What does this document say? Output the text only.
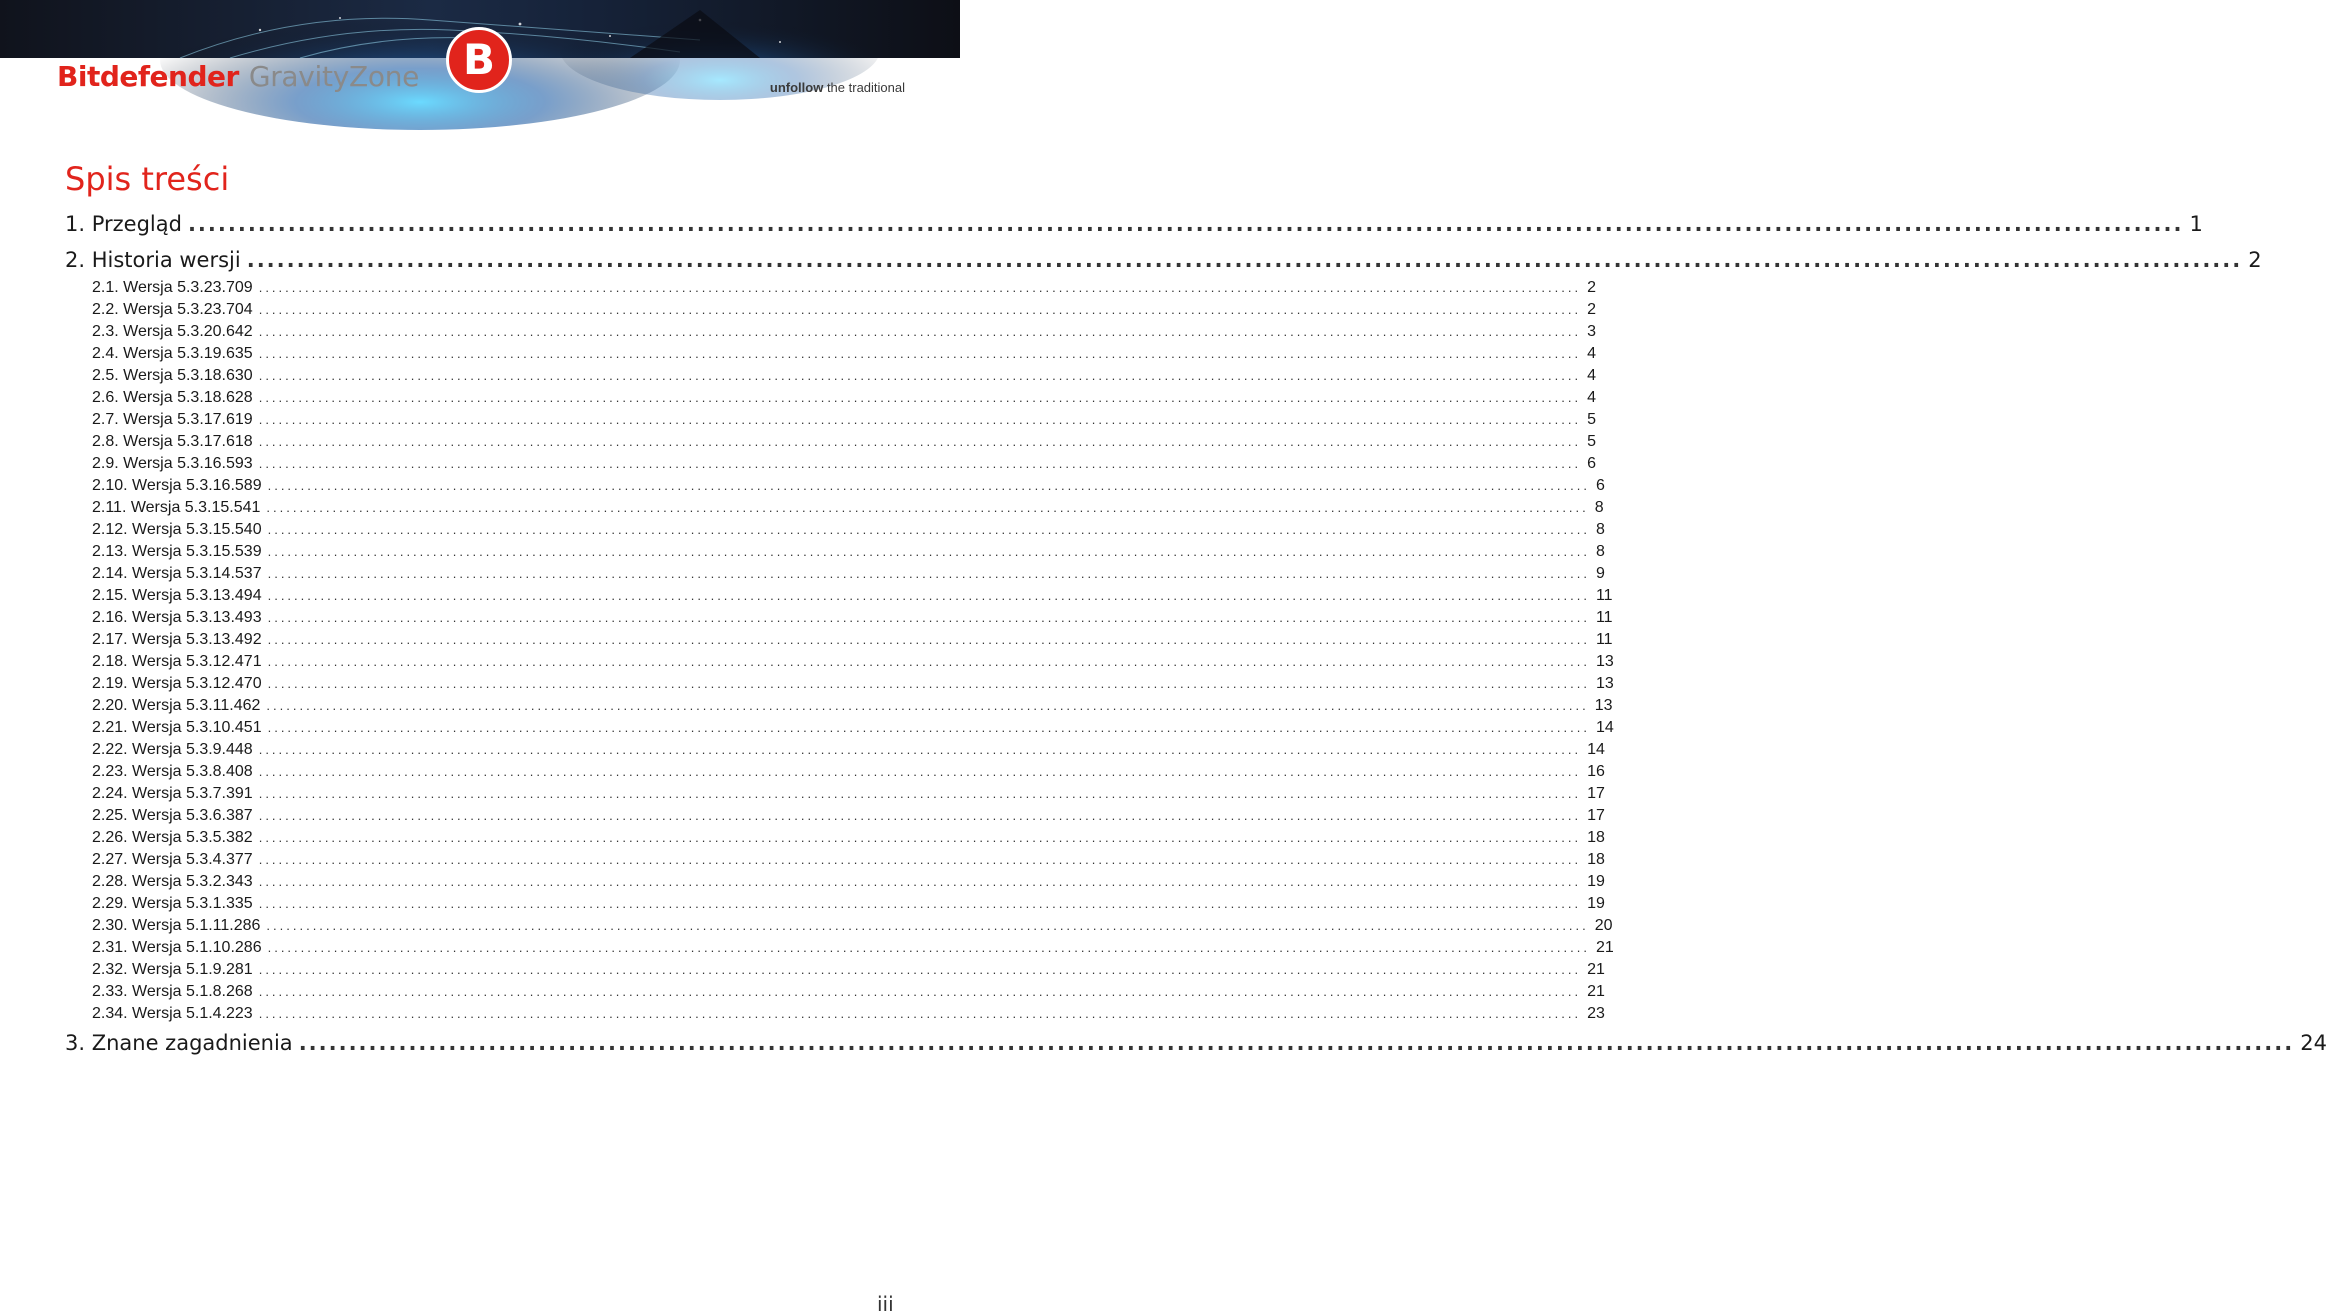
Bitdefender GravityZone	B
unfollow the traditional
Spis treści
1. Przegląd ........................................................................................................................................................................................................ 1
2. Historia wersji ........................................................................................................................................................................................................ 2
2.1. Wersja 5.3.23.709 ........................................................................................................................................................................................................ 2
2.2. Wersja 5.3.23.704 ........................................................................................................................................................................................................ 2
2.3. Wersja 5.3.20.642 ........................................................................................................................................................................................................ 3
2.4. Wersja 5.3.19.635 ........................................................................................................................................................................................................ 4
2.5. Wersja 5.3.18.630 ........................................................................................................................................................................................................ 4
2.6. Wersja 5.3.18.628 ........................................................................................................................................................................................................ 4
2.7. Wersja 5.3.17.619 ........................................................................................................................................................................................................ 5
2.8. Wersja 5.3.17.618 ........................................................................................................................................................................................................ 5
2.9. Wersja 5.3.16.593 ........................................................................................................................................................................................................ 6
2.10. Wersja 5.3.16.589 ........................................................................................................................................................................................................ 6
2.11. Wersja 5.3.15.541 ........................................................................................................................................................................................................ 8
2.12. Wersja 5.3.15.540 ........................................................................................................................................................................................................ 8
2.13. Wersja 5.3.15.539 ........................................................................................................................................................................................................ 8
2.14. Wersja 5.3.14.537 ........................................................................................................................................................................................................ 9
2.15. Wersja 5.3.13.494 ........................................................................................................................................................................................................ 11
2.16. Wersja 5.3.13.493 ........................................................................................................................................................................................................ 11
2.17. Wersja 5.3.13.492 ........................................................................................................................................................................................................ 11
2.18. Wersja 5.3.12.471 ........................................................................................................................................................................................................ 13
2.19. Wersja 5.3.12.470 ........................................................................................................................................................................................................ 13
2.20. Wersja 5.3.11.462 ........................................................................................................................................................................................................ 13
2.21. Wersja 5.3.10.451 ........................................................................................................................................................................................................ 14
2.22. Wersja 5.3.9.448 ........................................................................................................................................................................................................ 14
2.23. Wersja 5.3.8.408 ........................................................................................................................................................................................................ 16
2.24. Wersja 5.3.7.391 ........................................................................................................................................................................................................ 17
2.25. Wersja 5.3.6.387 ........................................................................................................................................................................................................ 17
2.26. Wersja 5.3.5.382 ........................................................................................................................................................................................................ 18
2.27. Wersja 5.3.4.377 ........................................................................................................................................................................................................ 18
2.28. Wersja 5.3.2.343 ........................................................................................................................................................................................................ 19
2.29. Wersja 5.3.1.335 ........................................................................................................................................................................................................ 19
2.30. Wersja 5.1.11.286 ........................................................................................................................................................................................................ 20
2.31. Wersja 5.1.10.286 ........................................................................................................................................................................................................ 21
2.32. Wersja 5.1.9.281 ........................................................................................................................................................................................................ 21
2.33. Wersja 5.1.8.268 ........................................................................................................................................................................................................ 21
2.34. Wersja 5.1.4.223 ........................................................................................................................................................................................................ 23
3. Znane zagadnienia ........................................................................................................................................................................................................ 24
iii
